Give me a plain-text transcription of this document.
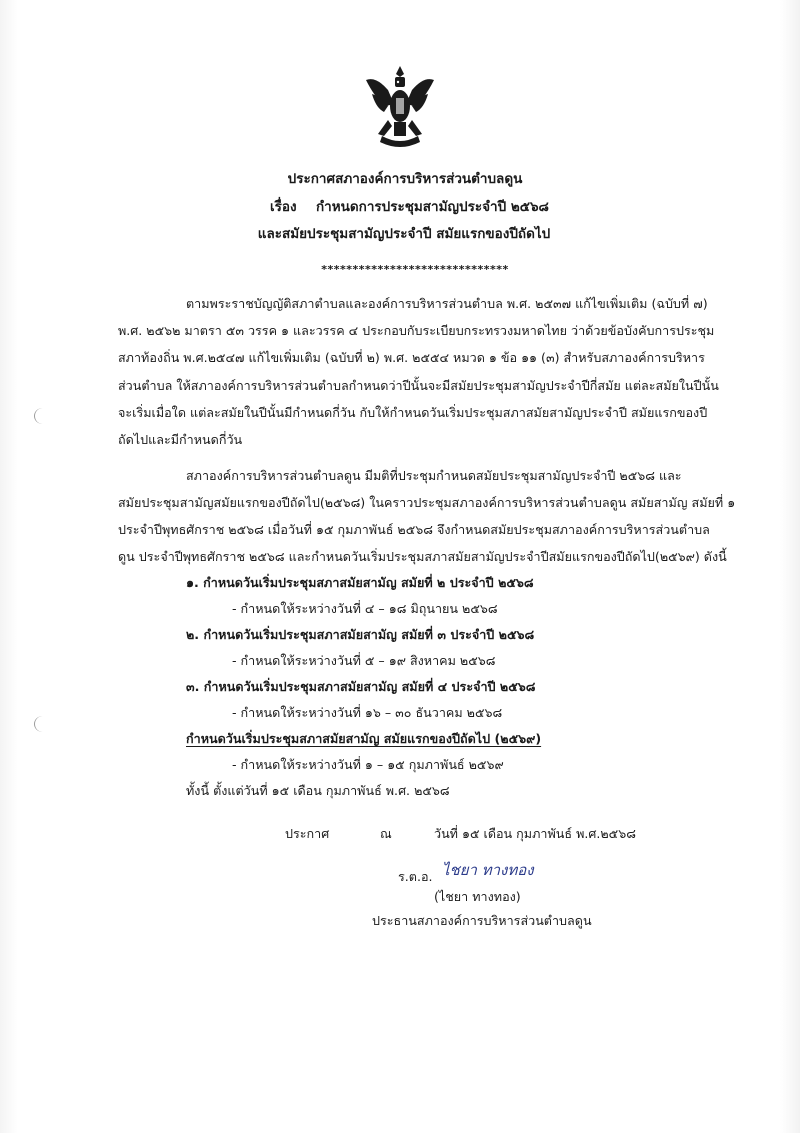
ประกาศสภาองค์การบริหารส่วนตำบลดูน
เรื่อง กำหนดการประชุมสามัญประจำปี ๒๕๖๘
และสมัยประชุมสามัญประจำปี สมัยแรกของปีถัดไป
******************************
ตามพระราชบัญญัติสภาตำบลและองค์การบริหารส่วนตำบล พ.ศ. ๒๕๓๗ แก้ไขเพิ่มเติม (ฉบับที่ ๗)
พ.ศ. ๒๕๖๒ มาตรา ๕๓ วรรค ๑ และวรรค ๔ ประกอบกับระเบียบกระทรวงมหาดไทย ว่าด้วยข้อบังคับการประชุม
สภาท้องถิ่น พ.ศ.๒๕๔๗ แก้ไขเพิ่มเติม (ฉบับที่ ๒) พ.ศ. ๒๕๕๔ หมวด ๑ ข้อ ๑๑ (๓) สำหรับสภาองค์การบริหาร
ส่วนตำบล ให้สภาองค์การบริหารส่วนตำบลกำหนดว่าปีนั้นจะมีสมัยประชุมสามัญประจำปีกี่สมัย แต่ละสมัยในปีนั้น
จะเริ่มเมื่อใด แต่ละสมัยในปีนั้นมีกำหนดกี่วัน กับให้กำหนดวันเริ่มประชุมสภาสมัยสามัญประจำปี สมัยแรกของปี
ถัดไปและมีกำหนดกี่วัน
สภาองค์การบริหารส่วนตำบลดูน มีมติที่ประชุมกำหนดสมัยประชุมสามัญประจำปี ๒๕๖๘ และ
สมัยประชุมสามัญสมัยแรกของปีถัดไป(๒๕๖๘) ในคราวประชุมสภาองค์การบริหารส่วนตำบลดูน สมัยสามัญ สมัยที่ ๑
ประจำปีพุทธศักราช ๒๕๖๘ เมื่อวันที่ ๑๕ กุมภาพันธ์ ๒๕๖๘ จึงกำหนดสมัยประชุมสภาองค์การบริหารส่วนตำบล
ดูน ประจำปีพุทธศักราช ๒๕๖๘ และกำหนดวันเริ่มประชุมสภาสมัยสามัญประจำปีสมัยแรกของปีถัดไป(๒๕๖๙) ดังนี้
๑. กำหนดวันเริ่มประชุมสภาสมัยสามัญ สมัยที่ ๒ ประจำปี ๒๕๖๘
- กำหนดให้ระหว่างวันที่ ๔ – ๑๘ มิถุนายน ๒๕๖๘
๒. กำหนดวันเริ่มประชุมสภาสมัยสามัญ สมัยที่ ๓ ประจำปี ๒๕๖๘
- กำหนดให้ระหว่างวันที่ ๕ – ๑๙ สิงหาคม ๒๕๖๘
๓. กำหนดวันเริ่มประชุมสภาสมัยสามัญ สมัยที่ ๔ ประจำปี ๒๕๖๘
- กำหนดให้ระหว่างวันที่ ๑๖ – ๓๐ ธันวาคม ๒๕๖๘
กำหนดวันเริ่มประชุมสภาสมัยสามัญ สมัยแรกของปีถัดไป (๒๕๖๙)
- กำหนดให้ระหว่างวันที่ ๑ – ๑๕ กุมภาพันธ์ ๒๕๖๙
ทั้งนี้ ตั้งแต่วันที่ ๑๕ เดือน กุมภาพันธ์ พ.ศ. ๒๕๖๘
ประกาศ	ณ	วันที่ ๑๕ เดือน กุมภาพันธ์ พ.ศ.๒๕๖๘
ร.ต.อ. ไชยา ทางทอง
(ไชยา ทางทอง)
ประธานสภาองค์การบริหารส่วนตำบลดูน
